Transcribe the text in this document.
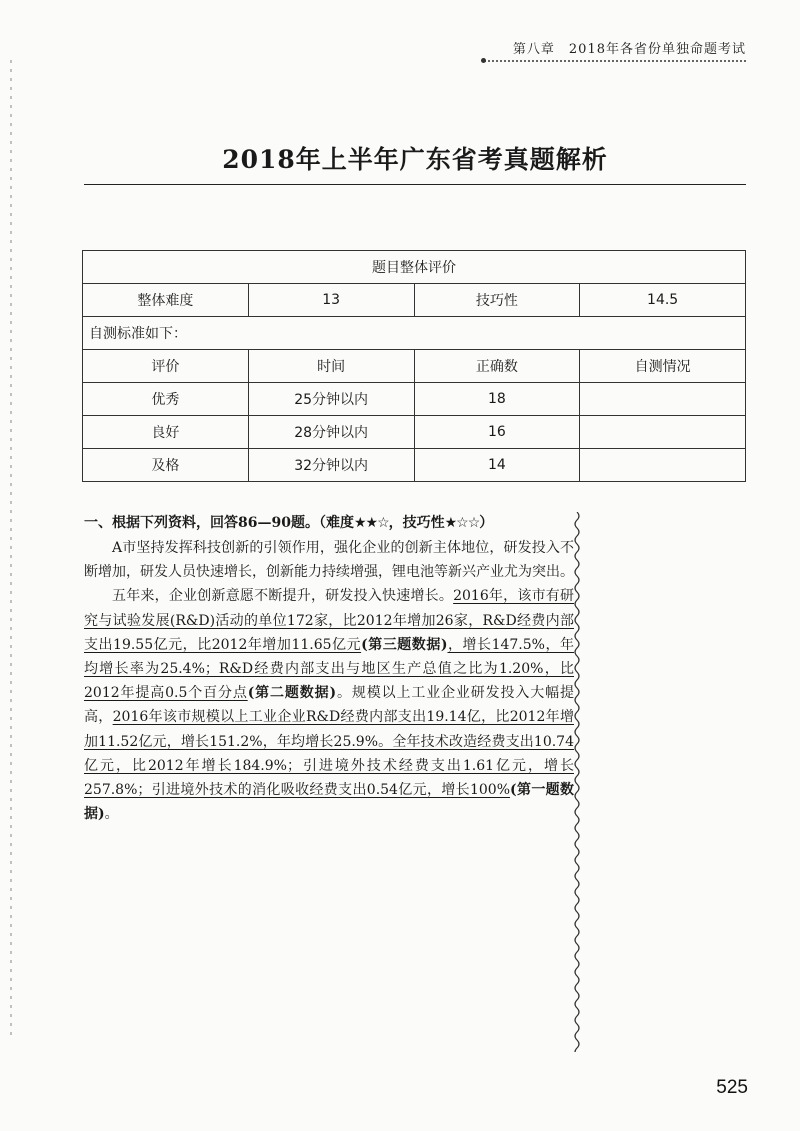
第八章　2018年各省份单独命题考试
2018年上半年广东省考真题解析
题目整体评价			
整体难度	13	技巧性	14.5
自测标准如下：			
评价	时间	正确数	自测情况
优秀	25分钟以内	18	
良好	28分钟以内	16	
及格	32分钟以内	14	

一、根据下列资料，回答86—90题。（难度★★☆，技巧性★☆☆）

A市坚持发挥科技创新的引领作用，强化企业的创新主体地位，研发投入不断增加，研发人员快速增长，创新能力持续增强，锂电池等新兴产业尤为突出。

五年来，企业创新意愿不断提升，研发投入快速增长。2016年，该市有研究与试验发展(R&D)活动的单位172家，比2012年增加26家，R&D经费内部支出19.55亿元，比2012年增加11.65亿元(第三题数据)，增长147.5%，年均增长率为25.4%；R&D经费内部支出与地区生产总值之比为1.20%，比2012年提高0.5个百分点(第二题数据)。规模以上工业企业研发投入大幅提高，2016年该市规模以上工业企业R&D经费内部支出19.14亿，比2012年增加11.52亿元，增长151.2%，年均增长25.9%。全年技术改造经费支出10.74亿元，比2012年增长184.9%；引进境外技术经费支出1.61亿元，增长257.8%；引进境外技术的消化吸收经费支出0.54亿元，增长100%(第一题数据)。

525
